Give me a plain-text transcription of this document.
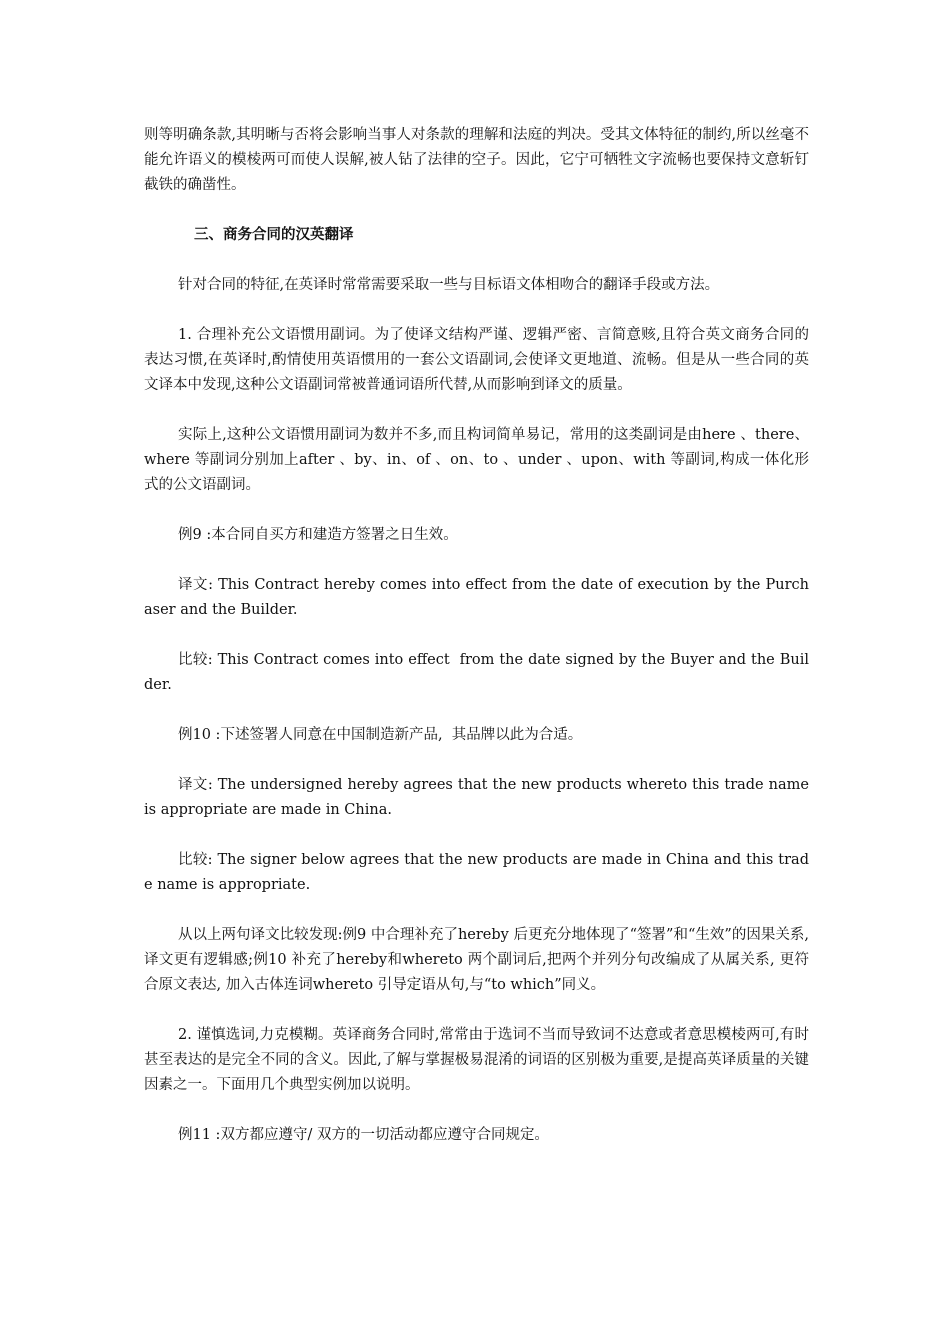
则等明确条款,其明晰与否将会影响当事人对条款的理解和法庭的判决。受其文体特征的制约,所以丝毫不能允许语义的模棱两可而使人误解,被人钻了法律的空子。因此，它宁可牺牲文字流畅也要保持文意斩钉截铁的确凿性。

三、商务合同的汉英翻译

针对合同的特征,在英译时常常需要采取一些与目标语文体相吻合的翻译手段或方法。

1. 合理补充公文语惯用副词。为了使译文结构严谨、逻辑严密、言简意赅,且符合英文商务合同的表达习惯,在英译时,酌情使用英语惯用的一套公文语副词,会使译文更地道、流畅。但是从一些合同的英文译本中发现,这种公文语副词常被普通词语所代替,从而影响到译文的质量。

实际上,这种公文语惯用副词为数并不多,而且构词简单易记，常用的这类副词是由here 、there、where 等副词分别加上after 、by、in、of 、on、to 、under 、upon、with 等副词,构成一体化形式的公文语副词。

例9 :本合同自买方和建造方签署之日生效。

译文: This Contract hereby comes into effect from the date of execution by the Purchaser and the Builder.

比较: This Contract comes into effect  from the date signed by the Buyer and the Builder.

例10 :下述签署人同意在中国制造新产品,  其品牌以此为合适。

译文: The undersigned hereby agrees that the new products whereto this trade name is appropriate are made in China.

比较: The signer below agrees that the new products are made in China and this trade name is appropriate.

从以上两句译文比较发现:例9 中合理补充了hereby 后更充分地体现了“签署”和“生效”的因果关系,译文更有逻辑感;例10 补充了hereby和whereto 两个副词后,把两个并列分句改编成了从属关系, 更符合原文表达, 加入古体连词whereto 引导定语从句,与“to which”同义。

2. 谨慎选词,力克模糊。英译商务合同时,常常由于选词不当而导致词不达意或者意思模棱两可,有时甚至表达的是完全不同的含义。因此,了解与掌握极易混淆的词语的区别极为重要,是提高英译质量的关键因素之一。下面用几个典型实例加以说明。

例11 :双方都应遵守/ 双方的一切活动都应遵守合同规定。
